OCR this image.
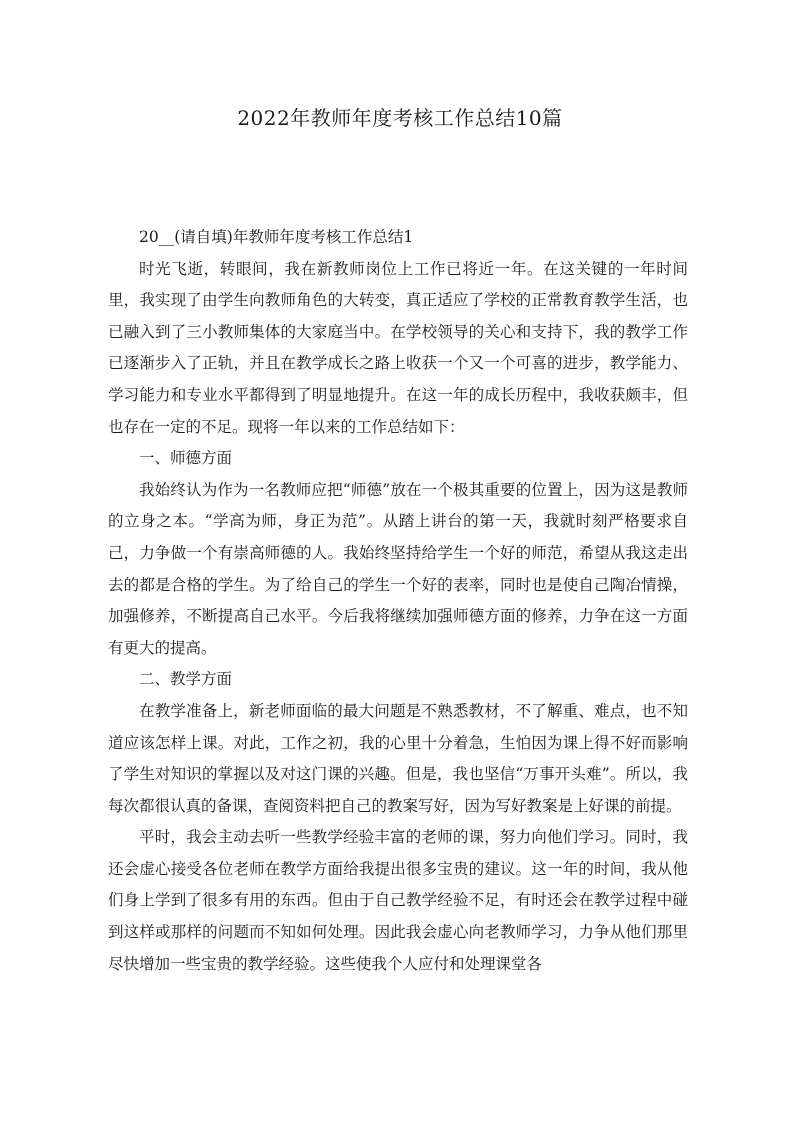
2022年教师年度考核工作总结10篇

20__(请自填)年教师年度考核工作总结1

时光飞逝，转眼间，我在新教师岗位上工作已将近一年。在这关键的一年时间里，我实现了由学生向教师角色的大转变，真正适应了学校的正常教育教学生活，也已融入到了三小教师集体的大家庭当中。在学校领导的关心和支持下，我的教学工作已逐渐步入了正轨，并且在教学成长之路上收获一个又一个可喜的进步，教学能力、学习能力和专业水平都得到了明显地提升。在这一年的成长历程中，我收获颇丰，但也存在一定的不足。现将一年以来的工作总结如下：

一、师德方面

我始终认为作为一名教师应把“师德”放在一个极其重要的位置上，因为这是教师的立身之本。“学高为师，身正为范”。从踏上讲台的第一天，我就时刻严格要求自己，力争做一个有崇高师德的人。我始终坚持给学生一个好的师范，希望从我这走出去的都是合格的学生。为了给自己的学生一个好的表率，同时也是使自己陶冶情操，加强修养，不断提高自己水平。今后我将继续加强师德方面的修养，力争在这一方面有更大的提高。

二、教学方面

在教学准备上，新老师面临的最大问题是不熟悉教材，不了解重、难点，也不知道应该怎样上课。对此，工作之初，我的心里十分着急，生怕因为课上得不好而影响了学生对知识的掌握以及对这门课的兴趣。但是，我也坚信“万事开头难”。所以，我每次都很认真的备课，查阅资料把自己的教案写好，因为写好教案是上好课的前提。

平时，我会主动去听一些教学经验丰富的老师的课，努力向他们学习。同时，我还会虚心接受各位老师在教学方面给我提出很多宝贵的建议。这一年的时间，我从他们身上学到了很多有用的东西。但由于自己教学经验不足，有时还会在教学过程中碰到这样或那样的问题而不知如何处理。因此我会虚心向老教师学习，力争从他们那里尽快增加一些宝贵的教学经验。这些使我个人应付和处理课堂各
